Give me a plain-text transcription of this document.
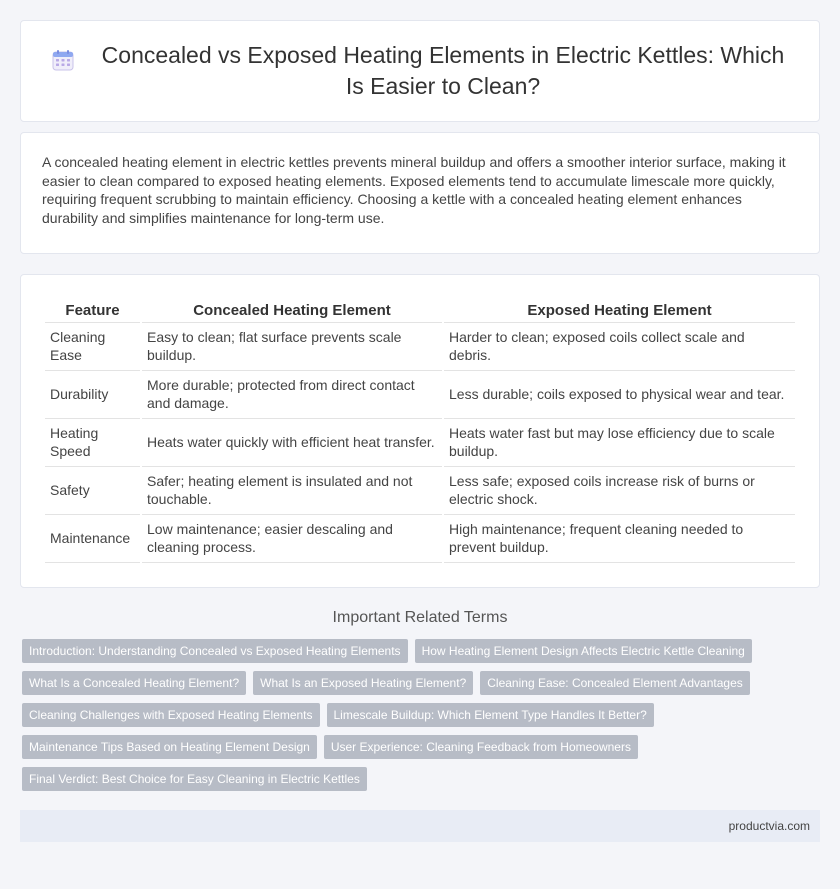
Concealed vs Exposed Heating Elements in Electric Kettles: Which Is Easier to Clean?

A concealed heating element in electric kettles prevents mineral buildup and offers a smoother interior surface, making it easier to clean compared to exposed heating elements. Exposed elements tend to accumulate limescale more quickly, requiring frequent scrubbing to maintain efficiency. Choosing a kettle with a concealed heating element enhances durability and simplifies maintenance for long-term use.

Feature	Concealed Heating Element	Exposed Heating Element
Cleaning Ease	Easy to clean; flat surface prevents scale buildup.	Harder to clean; exposed coils collect scale and debris.
Durability	More durable; protected from direct contact and damage.	Less durable; coils exposed to physical wear and tear.
Heating Speed	Heats water quickly with efficient heat transfer.	Heats water fast but may lose efficiency due to scale buildup.
Safety	Safer; heating element is insulated and not touchable.	Less safe; exposed coils increase risk of burns or electric shock.
Maintenance	Low maintenance; easier descaling and cleaning process.	High maintenance; frequent cleaning needed to prevent buildup.
Important Related Terms
Introduction: Understanding Concealed vs Exposed Heating Elements	How Heating Element Design Affects Electric Kettle Cleaning
What Is a Concealed Heating Element?	What Is an Exposed Heating Element?	Cleaning Ease: Concealed Element Advantages
Cleaning Challenges with Exposed Heating Elements	Limescale Buildup: Which Element Type Handles It Better?
Maintenance Tips Based on Heating Element Design	User Experience: Cleaning Feedback from Homeowners
Final Verdict: Best Choice for Easy Cleaning in Electric Kettles
productvia.com
